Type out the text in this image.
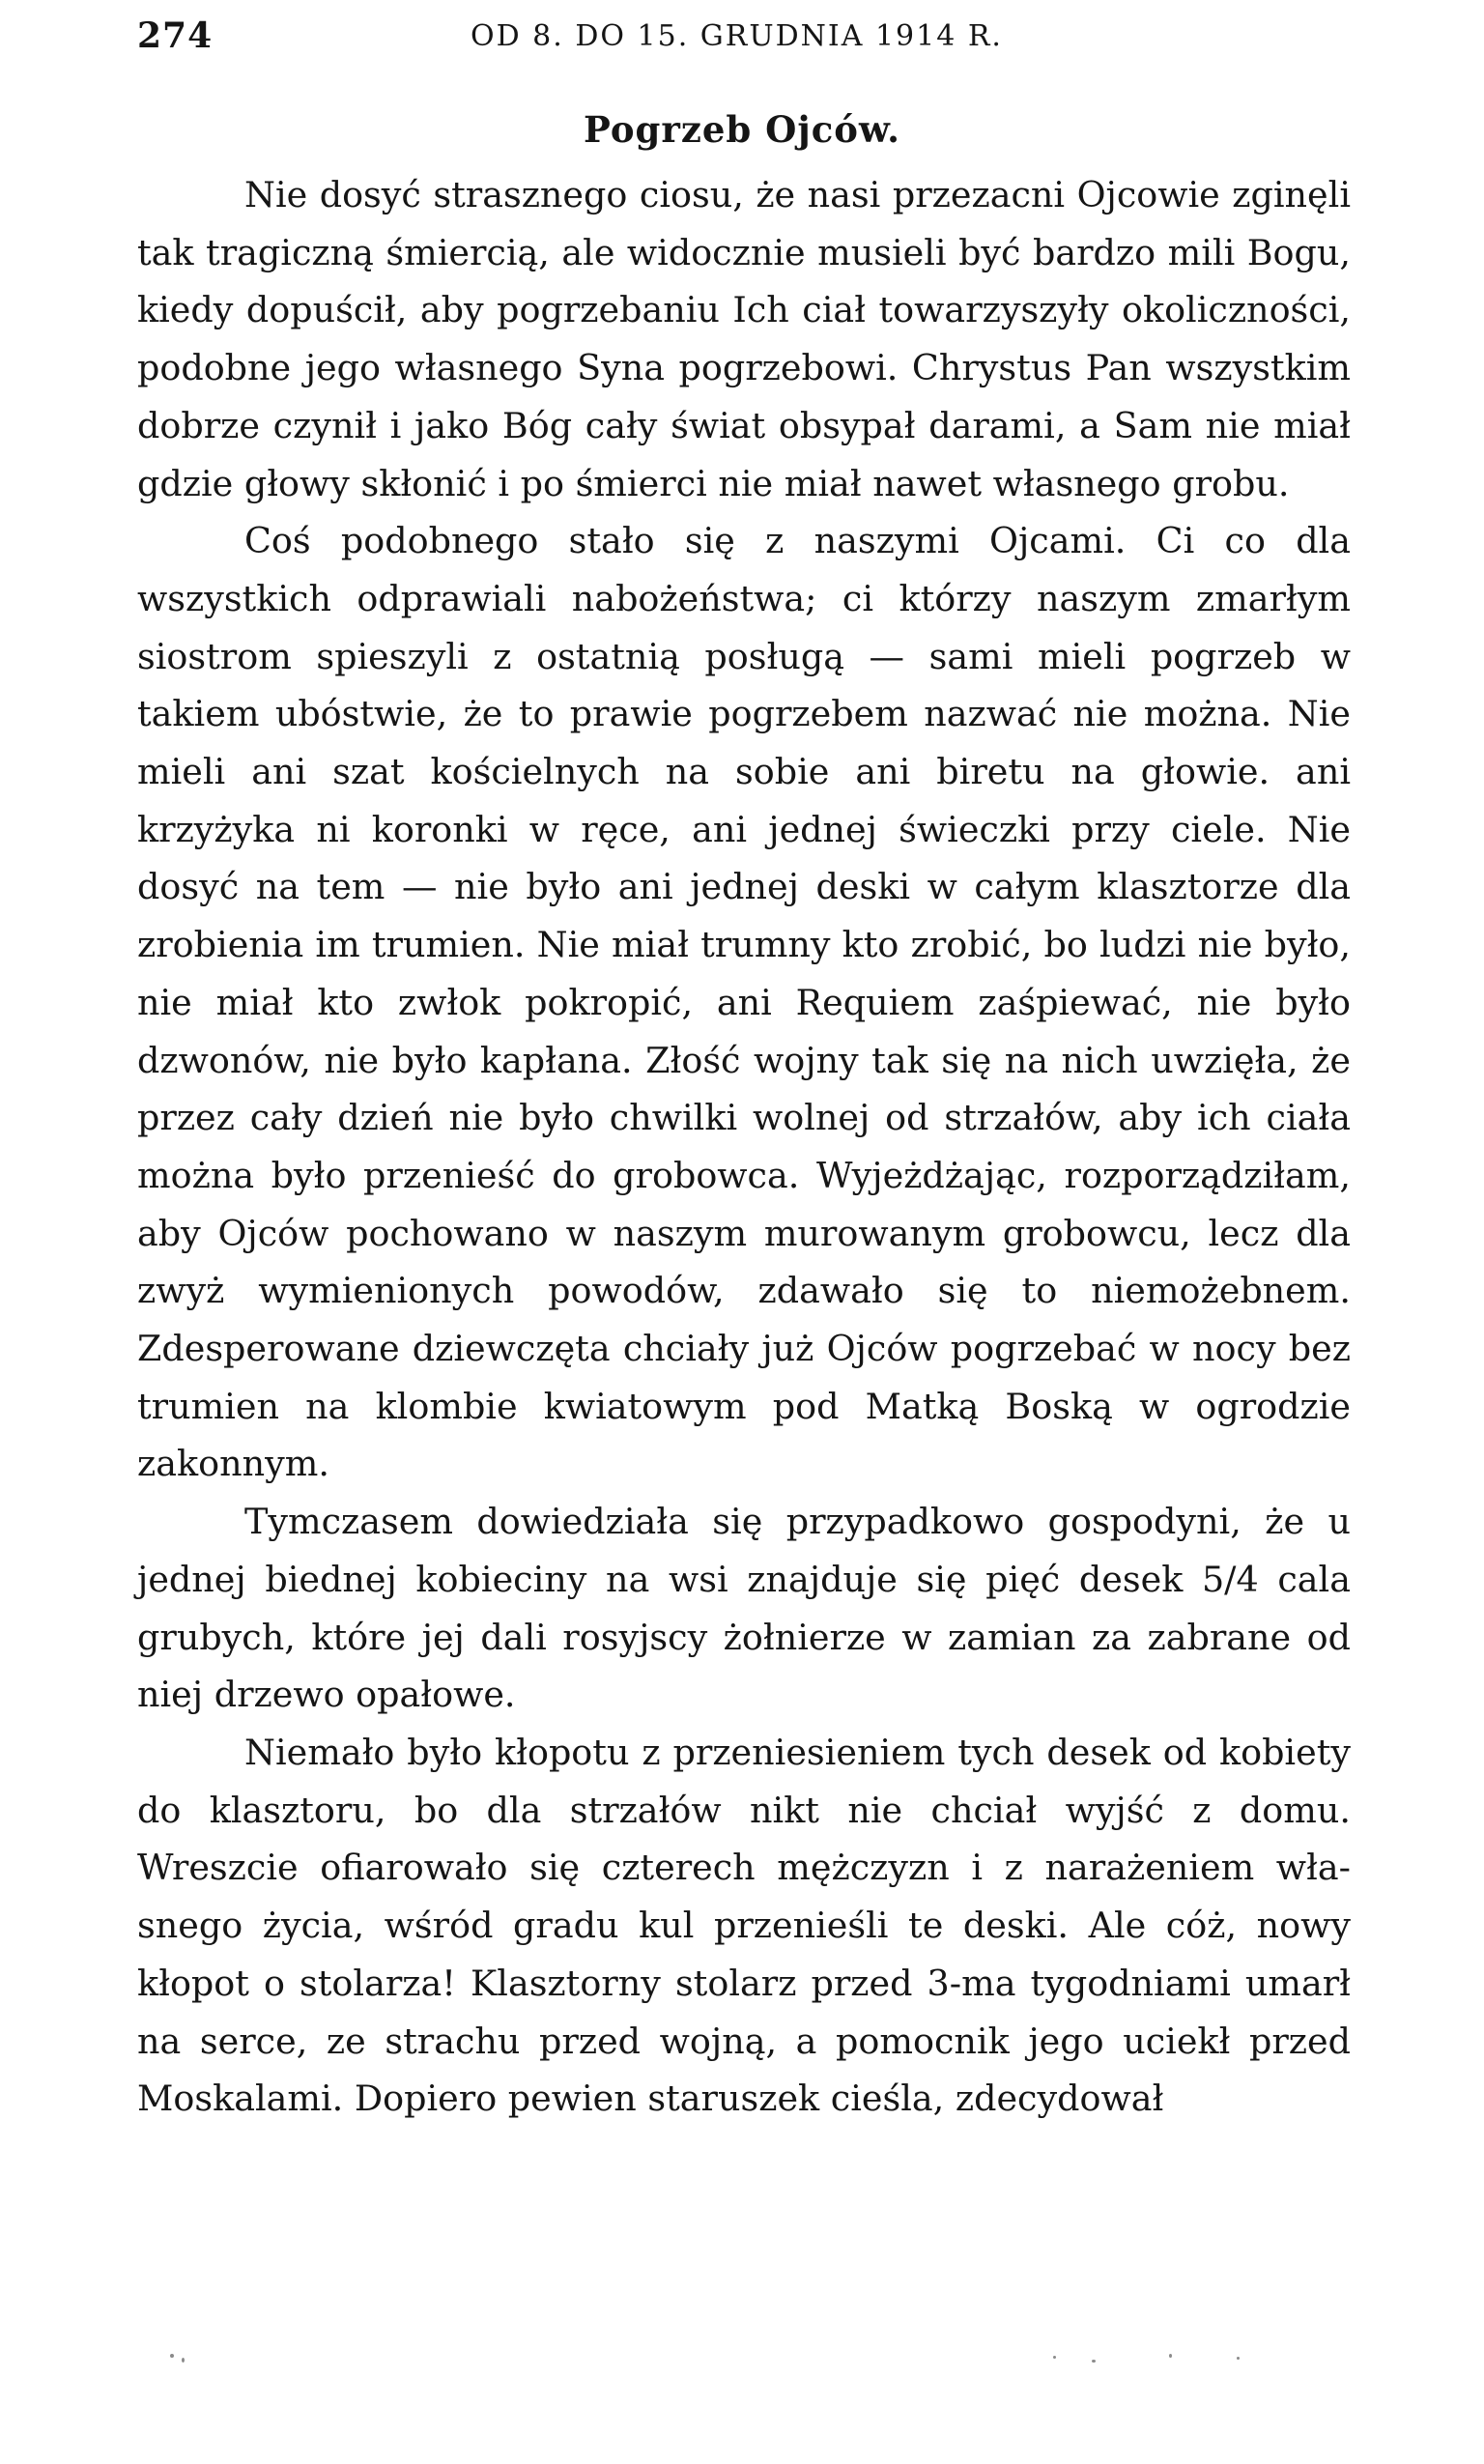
274	OD 8. DO 15. GRUDNIA 1914 R.
Pogrzeb Ojców.

Nie dosyć strasznego ciosu, że nasi przezacni Ojcowie zginęli tak tragiczną śmiercią, ale widocznie musieli być bardzo mili Bogu, kiedy dopuścił, aby pogrzebaniu Ich ciał towarzyszyły okoliczności, podobne jego własnego Syna pogrzebowi. Chrystus Pan wszystkim dobrze czynił i jako Bóg cały świat obsypał darami, a Sam nie miał gdzie głowy skłonić i po śmierci nie miał nawet własnego grobu.

Coś podobnego stało się z naszymi Ojcami. Ci co dla wszystkich odprawiali nabożeństwa; ci którzy naszym zmarłym siostrom spieszyli z ostatnią posługą — sami mieli pogrzeb w takiem ubóstwie, że to prawie pogrzebem nazwać nie można. Nie mieli ani szat kościelnych na sobie ani biretu na głowie. ani krzyżyka ni koronki w ręce, ani jednej świeczki przy ciele. Nie dosyć na tem — nie było ani jednej deski w całym klasztorze dla zrobienia im trumien. Nie miał trumny kto zrobić, bo ludzi nie było, nie miał kto zwłok pokropić, ani Requiem zaśpiewać, nie było dzwonów, nie było kapłana. Złość wojny tak się na nich uwzięła, że przez cały dzień nie było chwilki wolnej od strzałów, aby ich ciała można było przenieść do grobowca. Wyjeżdżając, rozporządziłam, aby Ojców pochowano w naszym murowanym grobowcu, lecz dla zwyż wymienionych powodów, zdawało się to niemożebnem. Zdesperowane dziewczęta chciały już Ojców pogrzebać w nocy bez trumien na klombie kwiatowym pod Matką Boską w ogrodzie zakonnym.

Tymczasem dowiedziała się przypadkowo gospodyni, że u jednej biednej kobieciny na wsi znajduje się pięć desek 5/4 cala grubych, które jej dali rosyjscy żołnierze w zamian za zabrane od niej drzewo opałowe.

Niemało było kłopotu z przeniesieniem tych desek od kobiety do klasztoru, bo dla strzałów nikt nie chciał wyjść z domu. Wreszcie ofiarowało się czterech mężczyzn i z narażeniem własnego życia, wśród gradu kul przenieśli te deski. Ale cóż, nowy kłopot o stolarza! Klasztorny stolarz przed 3-ma tygodniami umarł na serce, ze strachu przed wojną, a pomocnik jego uciekł przed Moskalami. Dopiero pewien staruszek cieśla, zdecydował
